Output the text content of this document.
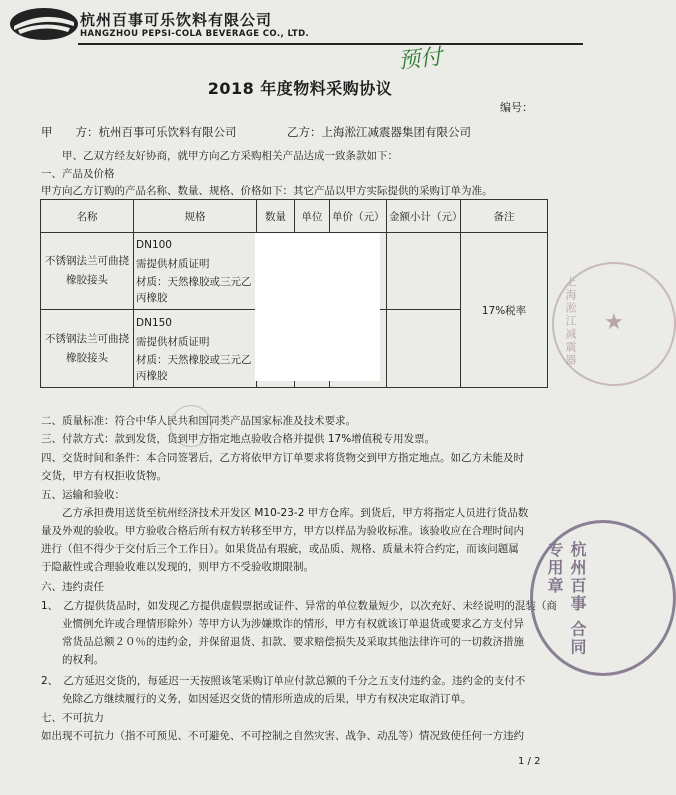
杭州百事可乐饮料有限公司
HANGZHOU PEPSI-COLA BEVERAGE CO., LTD.
预付
2018 年度物料采购协议
编号：
甲　　方：杭州百事可乐饮料有限公司	乙方：上海淞江减震器集团有限公司
甲、乙双方经友好协商，就甲方向乙方采购相关产品达成一致条款如下：
一、产品及价格
甲方向乙方订购的产品名称、数量、规格、价格如下：其它产品以甲方实际提供的采购订单为准。
名称	规格	数量	单位	单价（元）	金额小计（元）	备注
不锈钢法兰可曲挠橡胶接头	DN100
需提供材质证明
材质：天然橡胶或三元乙丙橡胶					17%税率
不锈钢法兰可曲挠橡胶接头	DN150
需提供材质证明
材质：天然橡胶或三元乙丙橡胶					

上海淞江减震器 ★
二、质量标准：符合中华人民共和国同类产品国家标准及技术要求。
三、付款方式：款到发货，货到甲方指定地点验收合格并提供 17%增值税专用发票。
四、交货时间和条件：本合同签署后，乙方将依甲方订单要求将货物交到甲方指定地点。如乙方未能及时
交货，甲方有权拒收货物。
五、运输和验收：
乙方承担费用送货至杭州经济技术开发区 M10-23-2 甲方仓库。到货后，甲方将指定人员进行货品数
量及外观的验收。甲方验收合格后所有权方转移至甲方，甲方以样品为验收标准。该验收应在合理时间内
进行（但不得少于交付后三个工作日）。如果货品有瑕疵，或品质、规格、质量未符合约定，而该问题属
于隐蔽性或合理验收难以发现的，则甲方不受验收期限制。
六、违约责任
1、　乙方提供货品时，如发现乙方提供虚假票据或证件、异常的单位数量短少，以次充好、未经说明的混装（商
业惯例允许或合理情形除外）等甲方认为涉嫌欺诈的情形，甲方有权就该订单退货或要求乙方支付异
常货品总额２０％的违约金，并保留退货、扣款、要求赔偿损失及采取其他法律许可的一切救济措施
的权利。
2、　乙方延迟交货的，每延迟一天按照该笔采购订单应付款总额的千分之五支付违约金。违约金的支付不
免除乙方继续履行的义务，如因延迟交货的情形所造成的后果，甲方有权决定取消订单。
七、不可抗力
如出现不可抗力（指不可预见、不可避免、不可控制之自然灾害、战争、动乱等）情况致使任何一方违约
杭州百事 合同专用章
1 / 2
